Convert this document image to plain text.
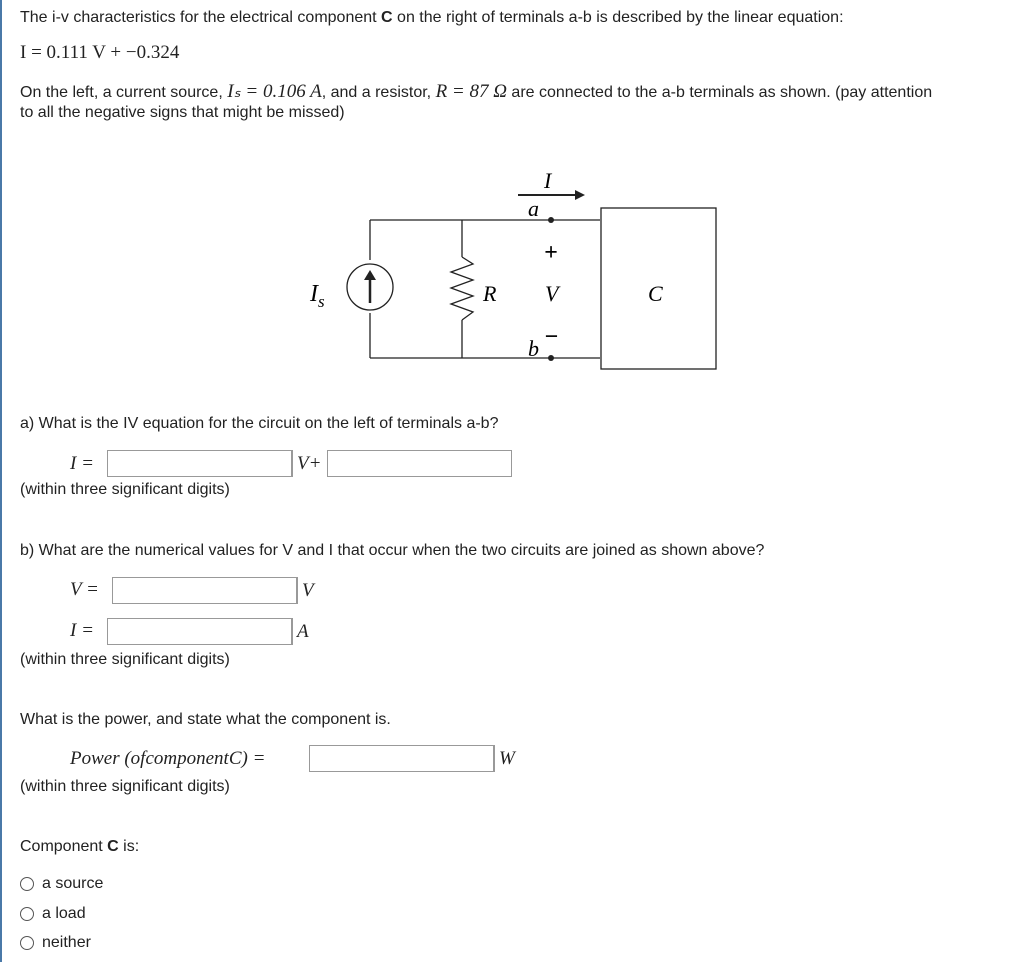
The i-v characteristics for the electrical component C on the right of terminals a-b is described by the linear equation:
I = 0.111 V + −0.324
On the left, a current source, Iₛ = 0.106 A, and a resistor, R = 87 Ω are connected to the a-b terminals as shown. (pay attention
to all the negative signs that might be missed)
I
a
b
+
−
V
R
$I_s$	C
a) What is the IV equation for the circuit on the left of terminals a-b?
I =	V+
(within three significant digits)
b) What are the numerical values for V and I that occur when the two circuits are joined as shown above?
V =	V
I =	A
(within three significant digits)
What is the power, and state what the component is.
Power (ofcomponentC) =	W
(within three significant digits)
Component C is:
a source
a load
neither
